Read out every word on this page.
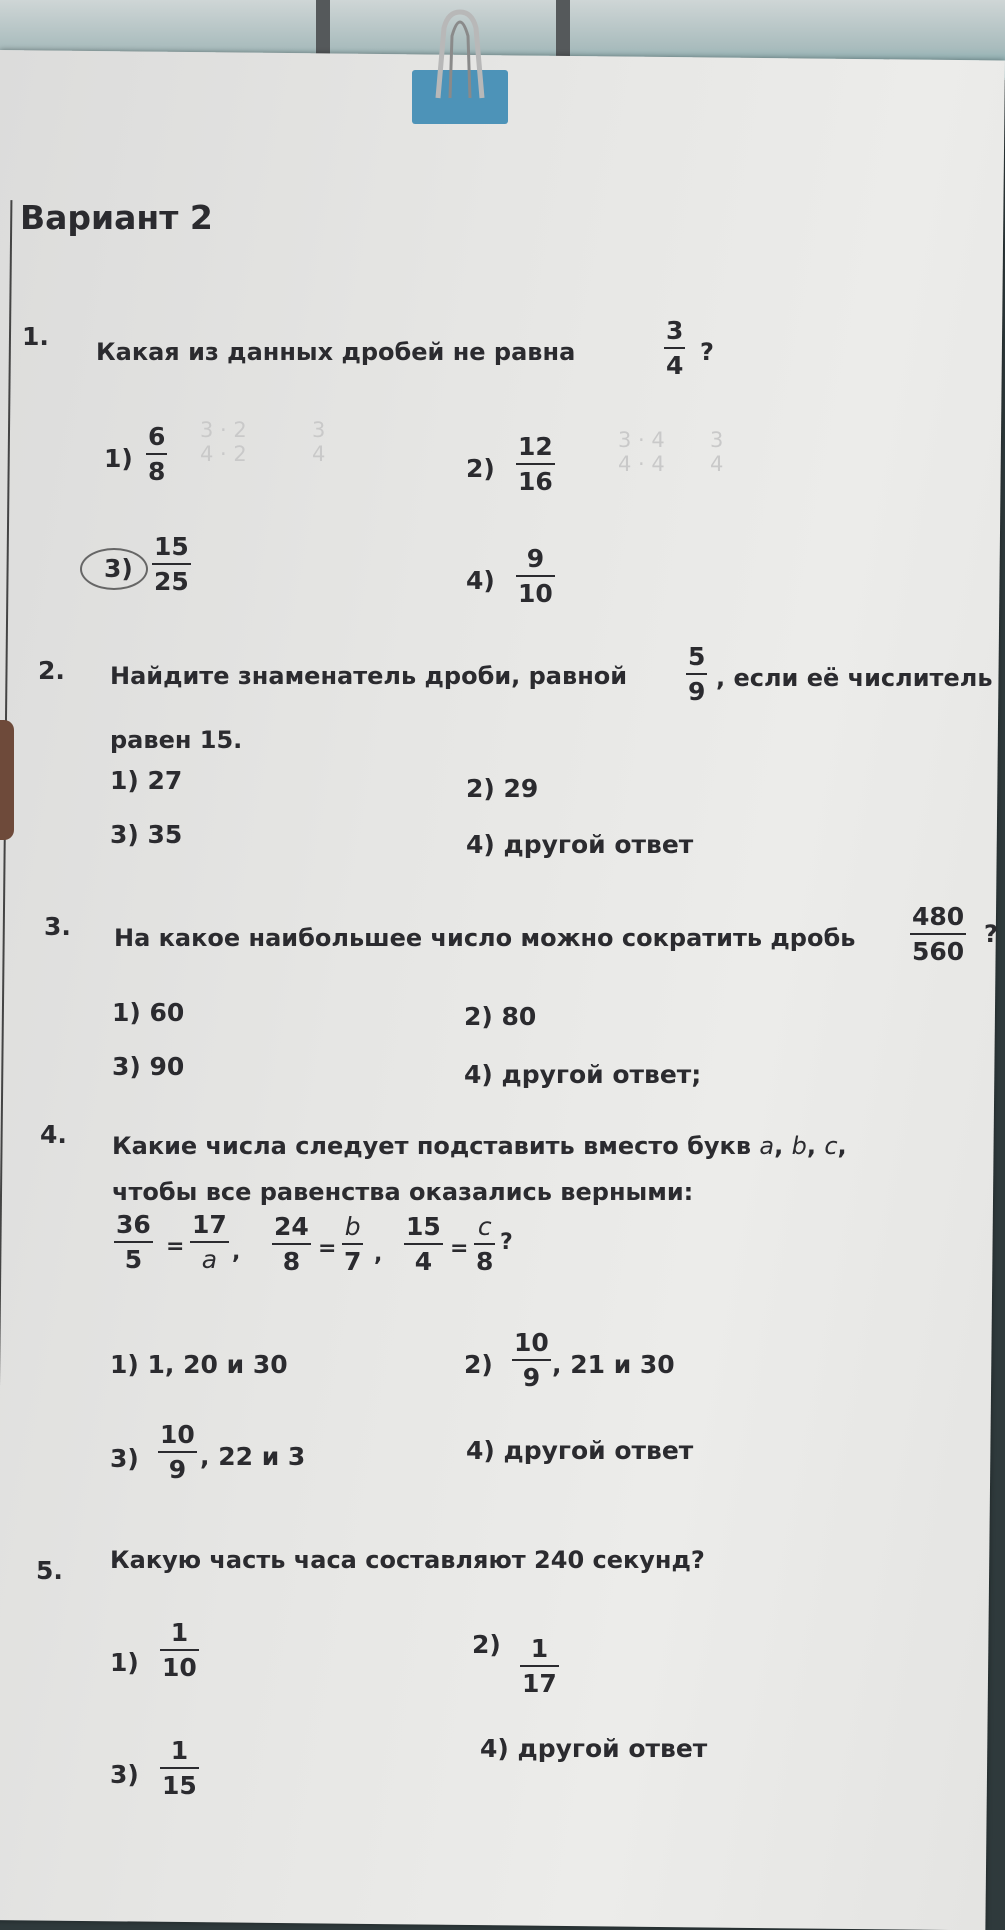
Вариант 2
1.
Какая из данных дробей не равна	$\frac{3}{4}$ ?
$1) \frac{6}{8} 3 \cdot 2$
4 · 2
3
4	$2) \frac{12}{16}$	3 · 4
4 · 4
3
4
$3) \frac{15}{25}$	$4) \frac{9}{10}$
2. Найдите знаменатель дроби, равной $\frac{5}{9}$ , если её числитель
равен 15.
1) 27	2) 29
3) 35	4) другой ответ
3. На какое наибольшее число можно сократить дробь $\frac{480}{560}$ ?
1) 60	2) 80
3) 90	4) другой ответ;
4. Какие числа следует подставить вместо букв a, b, c,
чтобы все равенства оказались верными:
$\frac{36}{5} = \frac{17}{a}$ , $\frac{24}{8} = \frac{b}{7}$ , $\frac{15}{4} = \frac{c}{8}$ ?
1) 1, 20 и 30	$2) \frac{10}{9}$ , 21 и 30
$3) \frac{10}{9}$ , 22 и 3	4) другой ответ
5. Какую часть часа составляют 240 секунд?
$1) \frac{1}{10}$	$2) \frac{1}{17}$
$3) \frac{1}{15}$	4) другой ответ
